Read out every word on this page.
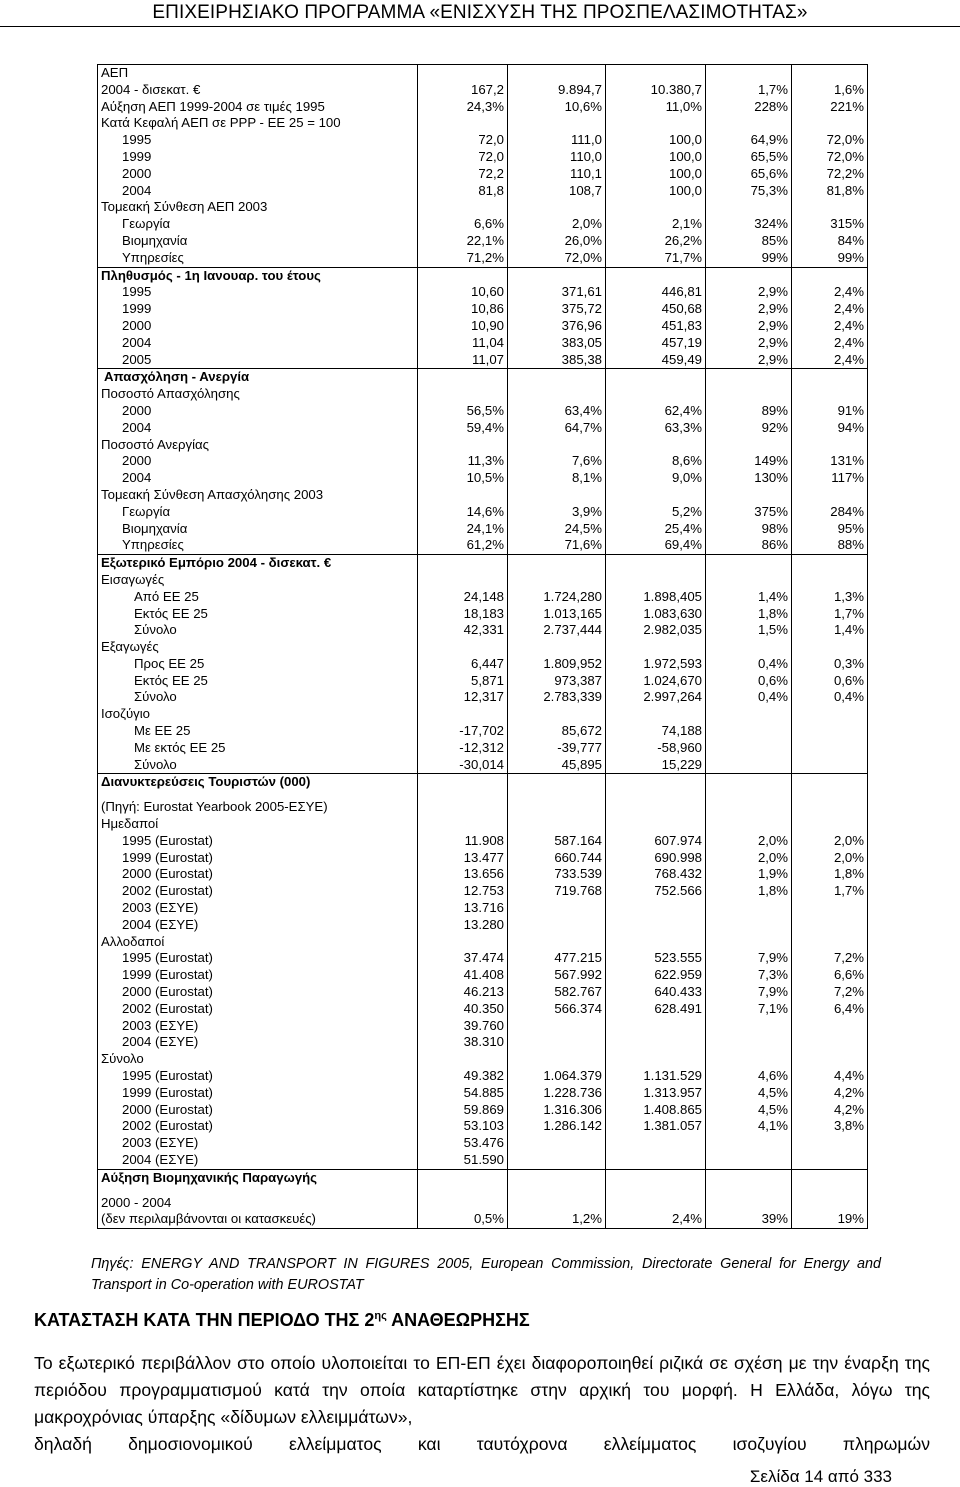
ΕΠΙΧΕΙΡΗΣΙΑΚΟ ΠΡΟΓΡΑΜΜΑ «ΕΝΙΣΧΥΣΗ ΤΗΣ ΠΡΟΣΠΕΛΑΣΙΜΟΤΗΤΑΣ»
ΑΕΠ					
2004 - δισεκατ. €	167,2	9.894,7	10.380,7	1,7%	1,6%
Αύξηση ΑΕΠ 1999-2004 σε τιμές 1995	24,3%	10,6%	11,0%	228%	221%
Κατά Κεφαλή ΑΕΠ σε PPP - ΕΕ 25 = 100					
1995	72,0	111,0	100,0	64,9%	72,0%
1999	72,0	110,0	100,0	65,5%	72,0%
2000	72,2	110,1	100,0	65,6%	72,2%
2004	81,8	108,7	100,0	75,3%	81,8%
Τομεακή Σύνθεση ΑΕΠ 2003					
Γεωργία	6,6%	2,0%	2,1%	324%	315%
Βιομηχανία	22,1%	26,0%	26,2%	85%	84%
Υπηρεσίες	71,2%	72,0%	71,7%	99%	99%
Πληθυσμός - 1η Ιανουαρ. του έτους					
1995	10,60	371,61	446,81	2,9%	2,4%
1999	10,86	375,72	450,68	2,9%	2,4%
2000	10,90	376,96	451,83	2,9%	2,4%
2004	11,04	383,05	457,19	2,9%	2,4%
2005	11,07	385,38	459,49	2,9%	2,4%
Απασχόληση - Ανεργία					
Ποσοστό Απασχόλησης					
2000	56,5%	63,4%	62,4%	89%	91%
2004	59,4%	64,7%	63,3%	92%	94%
Ποσοστό Ανεργίας					
2000	11,3%	7,6%	8,6%	149%	131%
2004	10,5%	8,1%	9,0%	130%	117%
Τομεακή Σύνθεση Απασχόλησης 2003					
Γεωργία	14,6%	3,9%	5,2%	375%	284%
Βιομηχανία	24,1%	24,5%	25,4%	98%	95%
Υπηρεσίες	61,2%	71,6%	69,4%	86%	88%
Εξωτερικό Εμπόριο 2004 - δισεκατ. €					
Εισαγωγές					
Από ΕΕ 25	24,148	1.724,280	1.898,405	1,4%	1,3%
Εκτός ΕΕ 25	18,183	1.013,165	1.083,630	1,8%	1,7%
Σύνολο	42,331	2.737,444	2.982,035	1,5%	1,4%
Εξαγωγές					
Προς ΕΕ 25	6,447	1.809,952	1.972,593	0,4%	0,3%
Εκτός ΕΕ 25	5,871	973,387	1.024,670	0,6%	0,6%
Σύνολο	12,317	2.783,339	2.997,264	0,4%	0,4%
Ισοζύγιο					
Με ΕΕ 25	-17,702	85,672	74,188		
Με εκτός ΕΕ 25	-12,312	-39,777	-58,960		
Σύνολο	-30,014	45,895	15,229		
Διανυκτερεύσεις Τουριστών (000)					

(Πηγή: Eurostat Yearbook 2005-ΕΣΥΕ)					
Ημεδαποί					
1995 (Eurostat)	11.908	587.164	607.974	2,0%	2,0%
1999 (Eurostat)	13.477	660.744	690.998	2,0%	2,0%
2000 (Eurostat)	13.656	733.539	768.432	1,9%	1,8%
2002 (Eurostat)	12.753	719.768	752.566	1,8%	1,7%
2003 (ΕΣΥΕ)	13.716				
2004 (ΕΣΥΕ)	13.280				
Αλλοδαποί					
1995 (Eurostat)	37.474	477.215	523.555	7,9%	7,2%
1999 (Eurostat)	41.408	567.992	622.959	7,3%	6,6%
2000 (Eurostat)	46.213	582.767	640.433	7,9%	7,2%
2002 (Eurostat)	40.350	566.374	628.491	7,1%	6,4%
2003 (ΕΣΥΕ)	39.760				
2004 (ΕΣΥΕ)	38.310				
Σύνολο					
1995 (Eurostat)	49.382	1.064.379	1.131.529	4,6%	4,4%
1999 (Eurostat)	54.885	1.228.736	1.313.957	4,5%	4,2%
2000 (Eurostat)	59.869	1.316.306	1.408.865	4,5%	4,2%
2002 (Eurostat)	53.103	1.286.142	1.381.057	4,1%	3,8%
2003 (ΕΣΥΕ)	53.476				
2004 (ΕΣΥΕ)	51.590				
Αύξηση Βιομηχανικής Παραγωγής					

2000 - 2004					
(δεν περιλαμβάνονται οι κατασκευές)	0,5%	1,2%	2,4%	39%	19%
Πηγές: ENERGY AND TRANSPORT IN FIGURES 2005, European Commission, Directorate General for Energy and Transport in Co-operation with EUROSTAT
ΚΑΤΑΣΤΑΣΗ ΚΑΤΑ ΤΗΝ ΠΕΡΙΟΔΟ ΤΗΣ $2^{\eta\varsigma}$ ΑΝΑΘΕΩΡΗΣΗΣ
Το εξωτερικό περιβάλλον στο οποίο υλοποιείται το ΕΠ-ΕΠ έχει διαφοροποιηθεί ριζικά σε σχέση με την έναρξη της περιόδου προγραμματισμού κατά την οποία καταρτίστηκε στην αρχική του μορφή. Η Ελλάδα, λόγω της μακροχρόνιας ύπαρξης «δίδυμων ελλειμμάτων»,
δηλαδή δημοσιονομικού ελλείμματος και ταυτόχρονα ελλείμματος ισοζυγίου πληρωμών
Σελίδα 14 από 333
